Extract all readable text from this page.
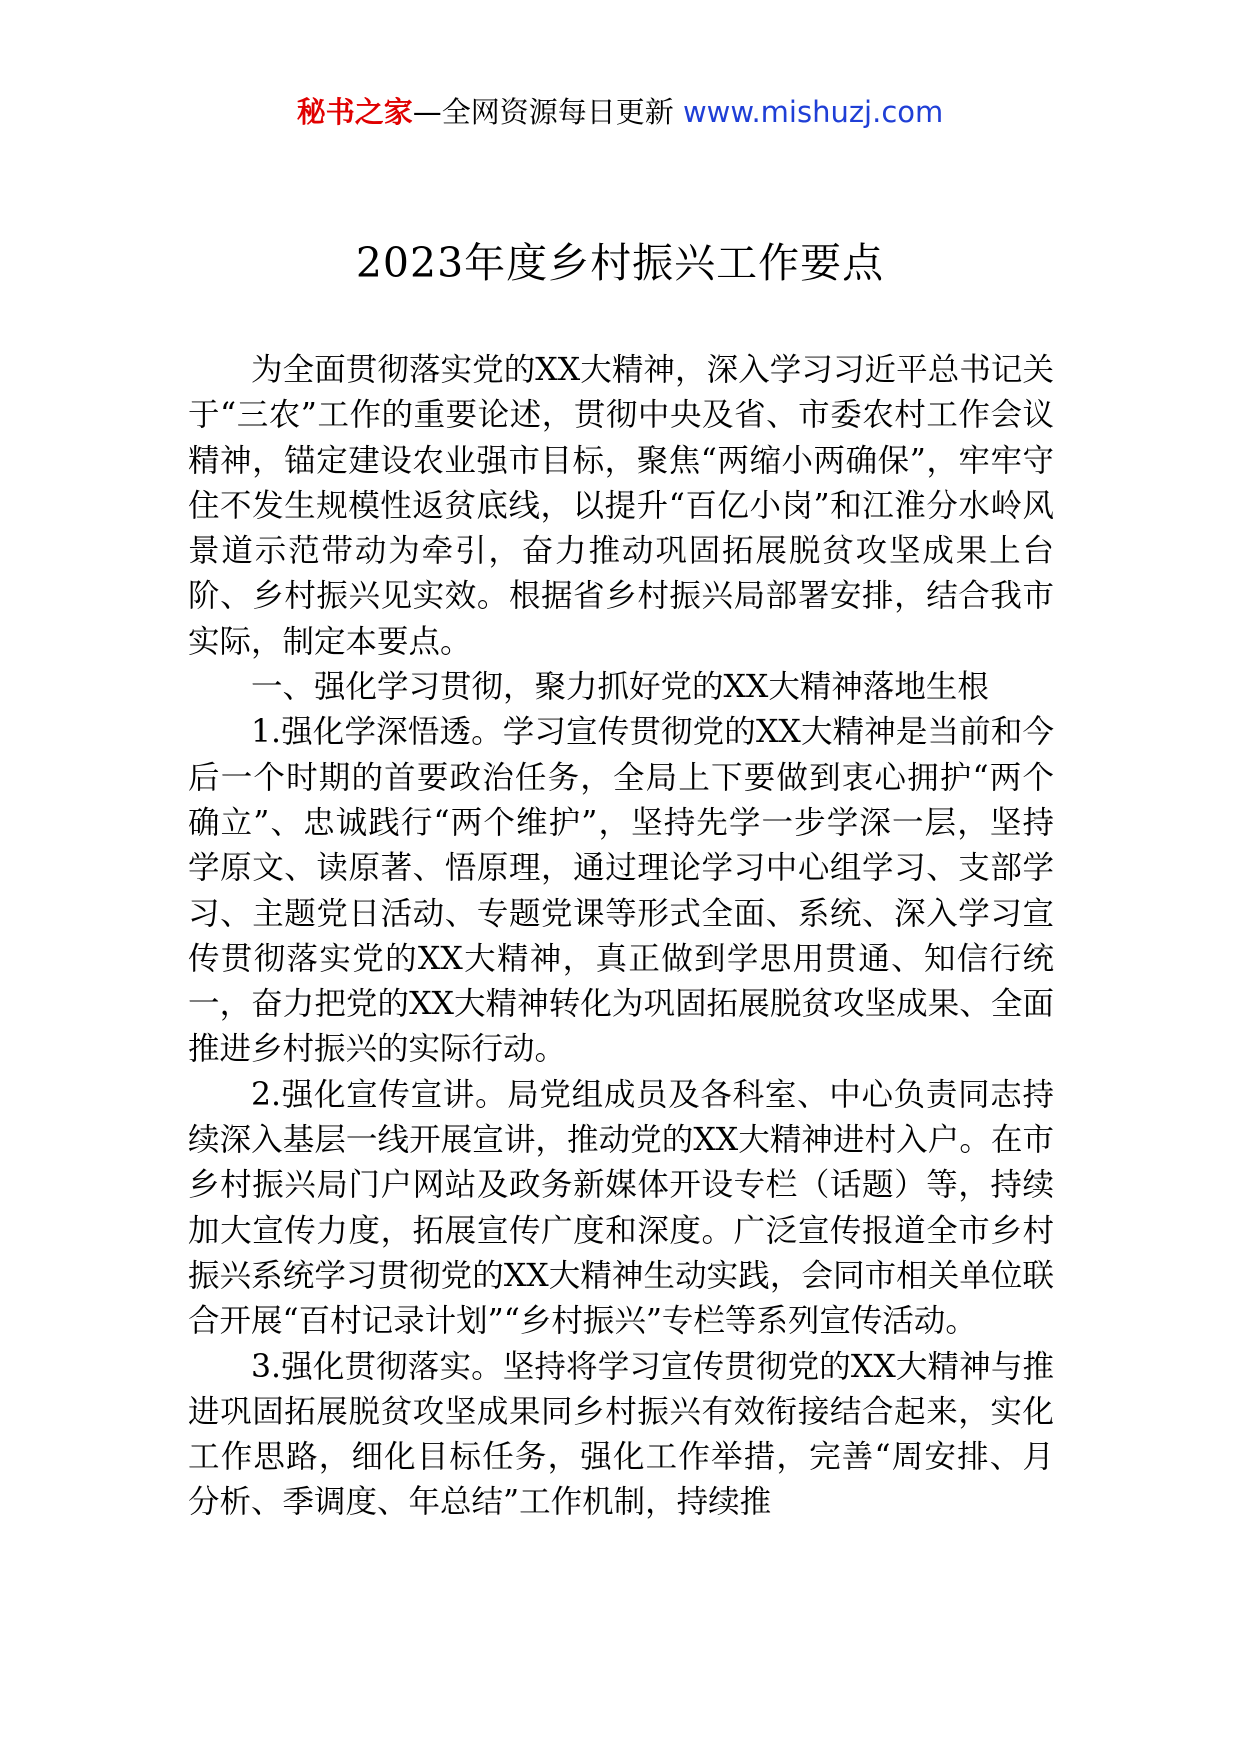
秘书之家—全网资源每日更新 www.mishuzj.com
2023年度乡村振兴工作要点

为全面贯彻落实党的XX大精神，深入学习习近平总书记关于“三农”工作的重要论述，贯彻中央及省、市委农村工作会议精神，锚定建设农业强市目标，聚焦“两缩小两确保”，牢牢守住不发生规模性返贫底线，以提升“百亿小岗”和江淮分水岭风景道示范带动为牵引，奋力推动巩固拓展脱贫攻坚成果上台阶、乡村振兴见实效。根据省乡村振兴局部署安排，结合我市实际，制定本要点。

一、强化学习贯彻，聚力抓好党的XX大精神落地生根

1.强化学深悟透。学习宣传贯彻党的XX大精神是当前和今后一个时期的首要政治任务，全局上下要做到衷心拥护“两个确立”、忠诚践行“两个维护”，坚持先学一步学深一层，坚持学原文、读原著、悟原理，通过理论学习中心组学习、支部学习、主题党日活动、专题党课等形式全面、系统、深入学习宣传贯彻落实党的XX大精神，真正做到学思用贯通、知信行统一，奋力把党的XX大精神转化为巩固拓展脱贫攻坚成果、全面推进乡村振兴的实际行动。

2.强化宣传宣讲。局党组成员及各科室、中心负责同志持续深入基层一线开展宣讲，推动党的XX大精神进村入户。在市乡村振兴局门户网站及政务新媒体开设专栏（话题）等，持续加大宣传力度，拓展宣传广度和深度。广泛宣传报道全市乡村振兴系统学习贯彻党的XX大精神生动实践，会同市相关单位联合开展“百村记录计划”“乡村振兴”专栏等系列宣传活动。

3.强化贯彻落实。坚持将学习宣传贯彻党的XX大精神与推进巩固拓展脱贫攻坚成果同乡村振兴有效衔接结合起来，实化工作思路，细化目标任务，强化工作举措，完善“周安排、月分析、季调度、年总结”工作机制，持续推
